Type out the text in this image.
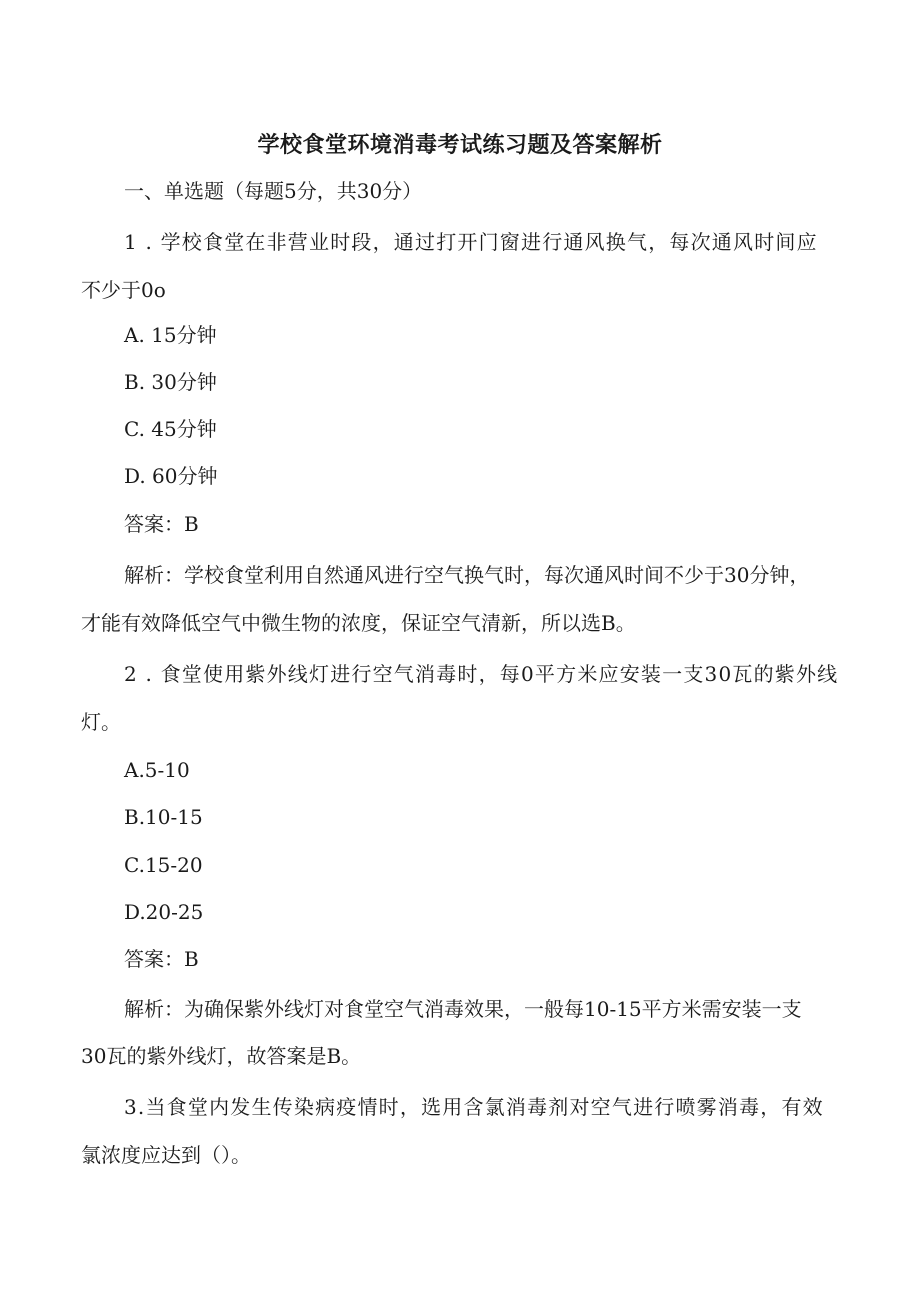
学校食堂环境消毒考试练习题及答案解析

一、单选题（每题5分，共30分）

1 . 学校食堂在非营业时段，通过打开门窗进行通风换气，每次通风时间应

不少于0o

A. 15分钟

B. 30分钟

C. 45分钟

D. 60分钟

答案：B

解析：学校食堂利用自然通风进行空气换气时，每次通风时间不少于30分钟，

才能有效降低空气中微生物的浓度，保证空气清新，所以选B。

2 . 食堂使用紫外线灯进行空气消毒时，每0平方米应安装一支30瓦的紫外线

灯。

A.5-10

B.10-15

C.15-20

D.20-25

答案：B

解析：为确保紫外线灯对食堂空气消毒效果，一般每10-15平方米需安装一支

30瓦的紫外线灯，故答案是B。

3.当食堂内发生传染病疫情时，选用含氯消毒剂对空气进行喷雾消毒，有效

氯浓度应达到（）。
